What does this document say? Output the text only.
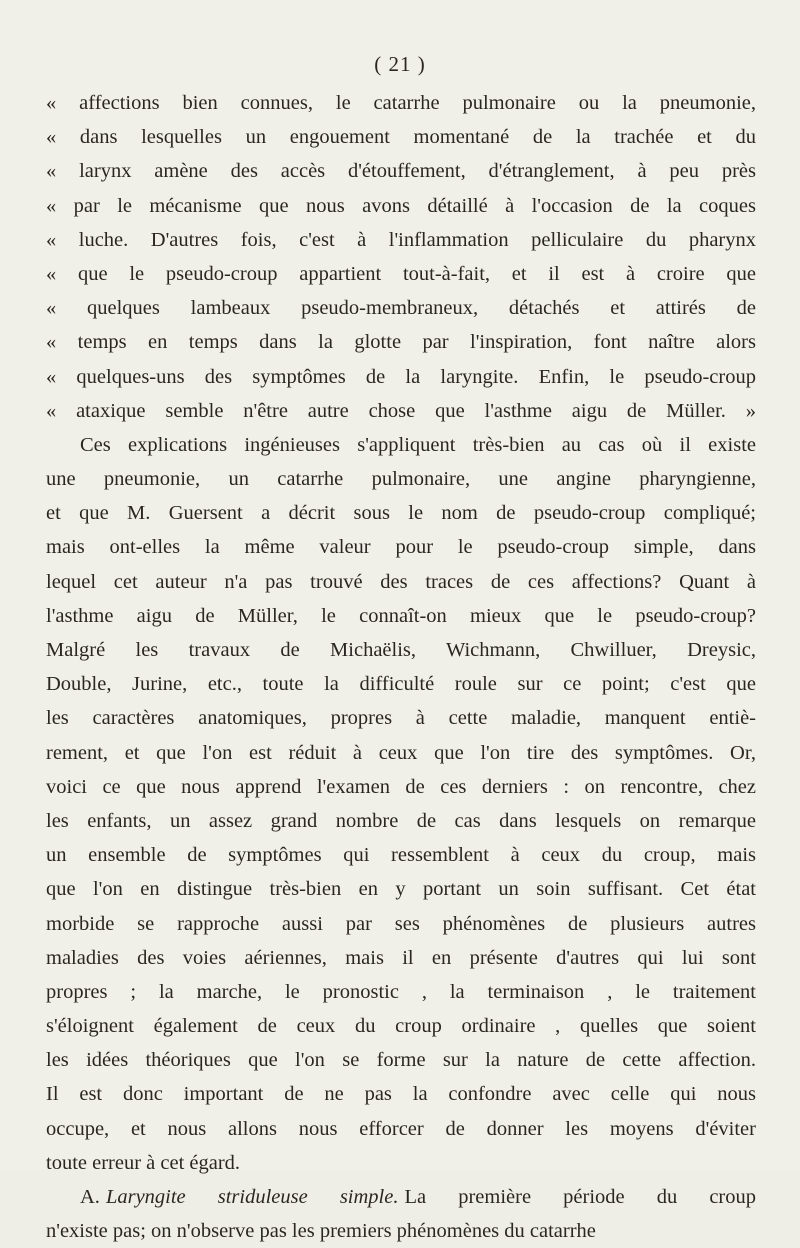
( 21 )
« affections bien connues, le catarrhe pulmonaire ou la pneumonie,
« dans lesquelles un engouement momentané de la trachée et du
« larynx amène des accès d'étouffement, d'étranglement, à peu près
« par le mécanisme que nous avons détaillé à l'occasion de la coques
« luche. D'autres fois, c'est à l'inflammation pelliculaire du pharynx
« que le pseudo-croup appartient tout-à-fait, et il est à croire que
« quelques lambeaux pseudo-membraneux, détachés et attirés de
« temps en temps dans la glotte par l'inspiration, font naître alors
« quelques-uns des symptômes de la laryngite. Enfin, le pseudo-croup
« ataxique semble n'être autre chose que l'asthme aigu de Müller. »
Ces explications ingénieuses s'appliquent très-bien au cas où il existe
une pneumonie, un catarrhe pulmonaire, une angine pharyngienne,
et que M. Guersent a décrit sous le nom de pseudo-croup compliqué;
mais ont-elles la même valeur pour le pseudo-croup simple, dans
lequel cet auteur n'a pas trouvé des traces de ces affections? Quant à
l'asthme aigu de Müller, le connaît-on mieux que le pseudo-croup?
Malgré les travaux de Michaëlis, Wichmann, Chwilluer, Dreysic,
Double, Jurine, etc., toute la difficulté roule sur ce point; c'est que
les caractères anatomiques, propres à cette maladie, manquent entiè-
rement, et que l'on est réduit à ceux que l'on tire des symptômes. Or,
voici ce que nous apprend l'examen de ces derniers : on rencontre, chez
les enfants, un assez grand nombre de cas dans lesquels on remarque
un ensemble de symptômes qui ressemblent à ceux du croup, mais
que l'on en distingue très-bien en y portant un soin suffisant. Cet état
morbide se rapproche aussi par ses phénomènes de plusieurs autres
maladies des voies aériennes, mais il en présente d'autres qui lui sont
propres ; la marche, le pronostic , la terminaison , le traitement
s'éloignent également de ceux du croup ordinaire , quelles que soient
les idées théoriques que l'on se forme sur la nature de cette affection.
Il est donc important de ne pas la confondre avec celle qui nous
occupe, et nous allons nous efforcer de donner les moyens d'éviter
toute erreur à cet égard.
A. Laryngite striduleuse simple. La première période du croup
n'existe pas; on n'observe pas les premiers phénomènes du catarrhe
